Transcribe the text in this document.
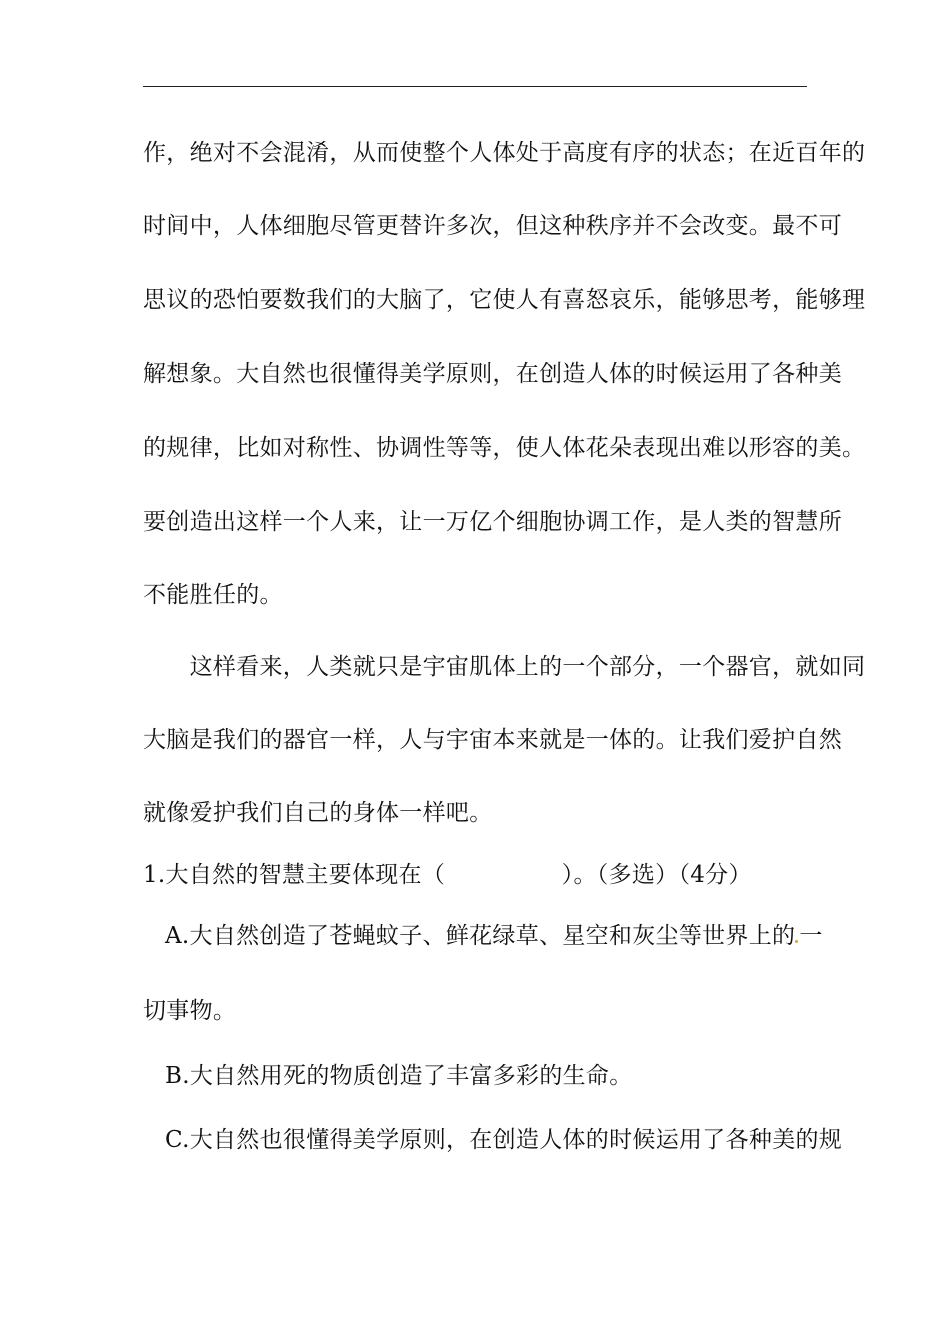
作，绝对不会混淆，从而使整个人体处于高度有序的状态；在近百年的
时间中，人体细胞尽管更替许多次，但这种秩序并不会改变。最不可
思议的恐怕要数我们的大脑了，它使人有喜怒哀乐，能够思考，能够理
解想象。大自然也很懂得美学原则，在创造人体的时候运用了各种美
的规律，比如对称性、协调性等等，使人体花朵表现出难以形容的美。
要创造出这样一个人来，让一万亿个细胞协调工作，是人类的智慧所
不能胜任的。
　　这样看来，人类就只是宇宙肌体上的一个部分，一个器官，就如同
大脑是我们的器官一样，人与宇宙本来就是一体的。让我们爱护自然
就像爱护我们自己的身体一样吧。
1.大自然的智慧主要体现在（　　　　　）。（多选）（4分）
A.大自然创造了苍蝇蚊子、鲜花绿草、星空和灰尘等世界上的 一
切事物。
B.大自然用死的物质创造了丰富多彩的生命。
C.大自然也很懂得美学原则，在创造人体的时候运用了各种美的规
